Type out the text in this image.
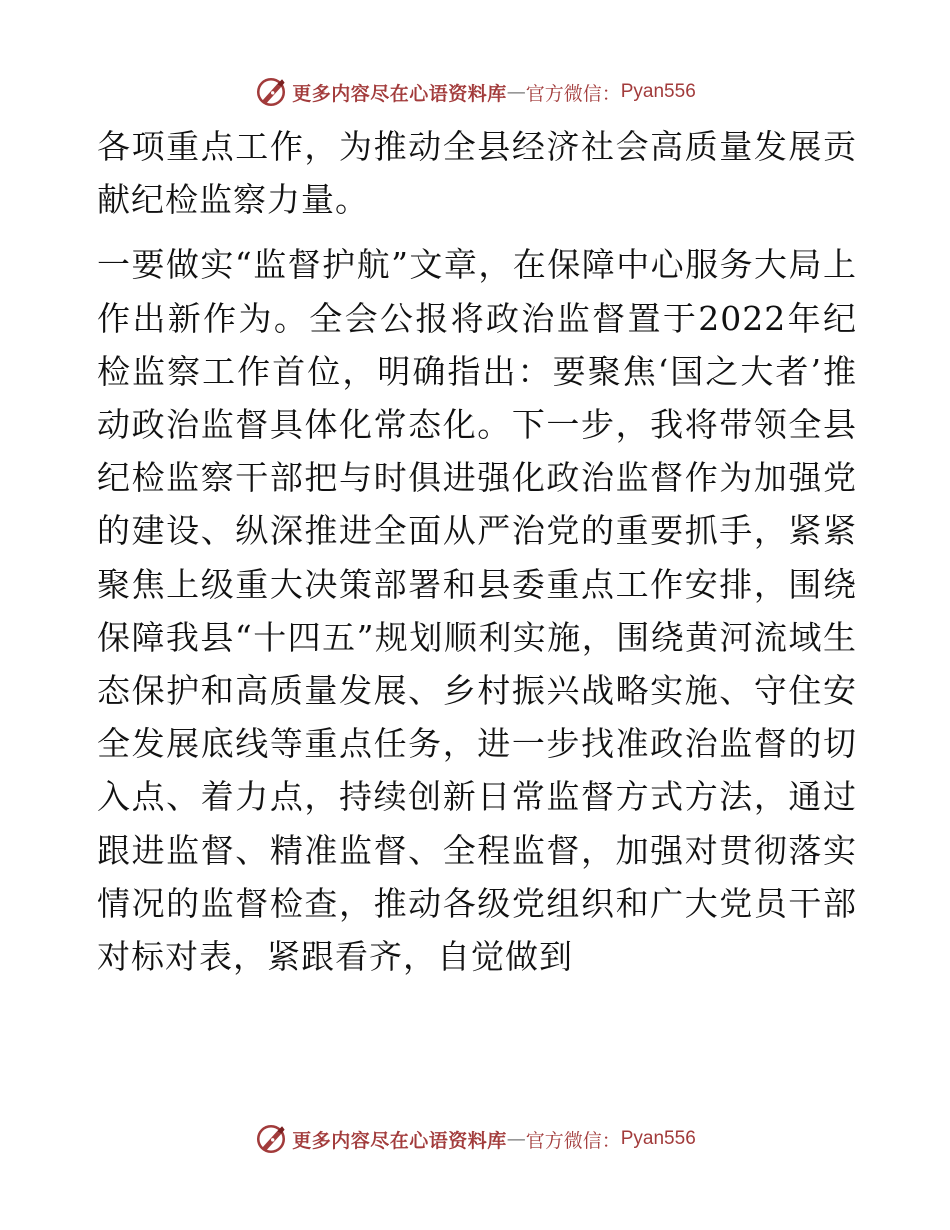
更多内容尽在心语资料库 — 官方微信： Pyan556

各项重点工作，为推动全县经济社会高质量发展贡献纪检监察力量。

一要做实“监督护航”文章，在保障中心服务大局上作出新作为。全会公报将政治监督置于2022年纪检监察工作首位，明确指出：要聚焦‘国之大者’推动政治监督具体化常态化。下一步，我将带领全县纪检监察干部把与时俱进强化政治监督作为加强党的建设、纵深推进全面从严治党的重要抓手，紧紧聚焦上级重大决策部署和县委重点工作安排，围绕保障我县“十四五”规划顺利实施，围绕黄河流域生态保护和高质量发展、乡村振兴战略实施、守住安全发展底线等重点任务，进一步找准政治监督的切入点、着力点，持续创新日常监督方式方法，通过跟进监督、精准监督、全程监督，加强对贯彻落实情况的监督检查，推动各级党组织和广大党员干部对标对表，紧跟看齐，自觉做到

更多内容尽在心语资料库 — 官方微信： Pyan556
